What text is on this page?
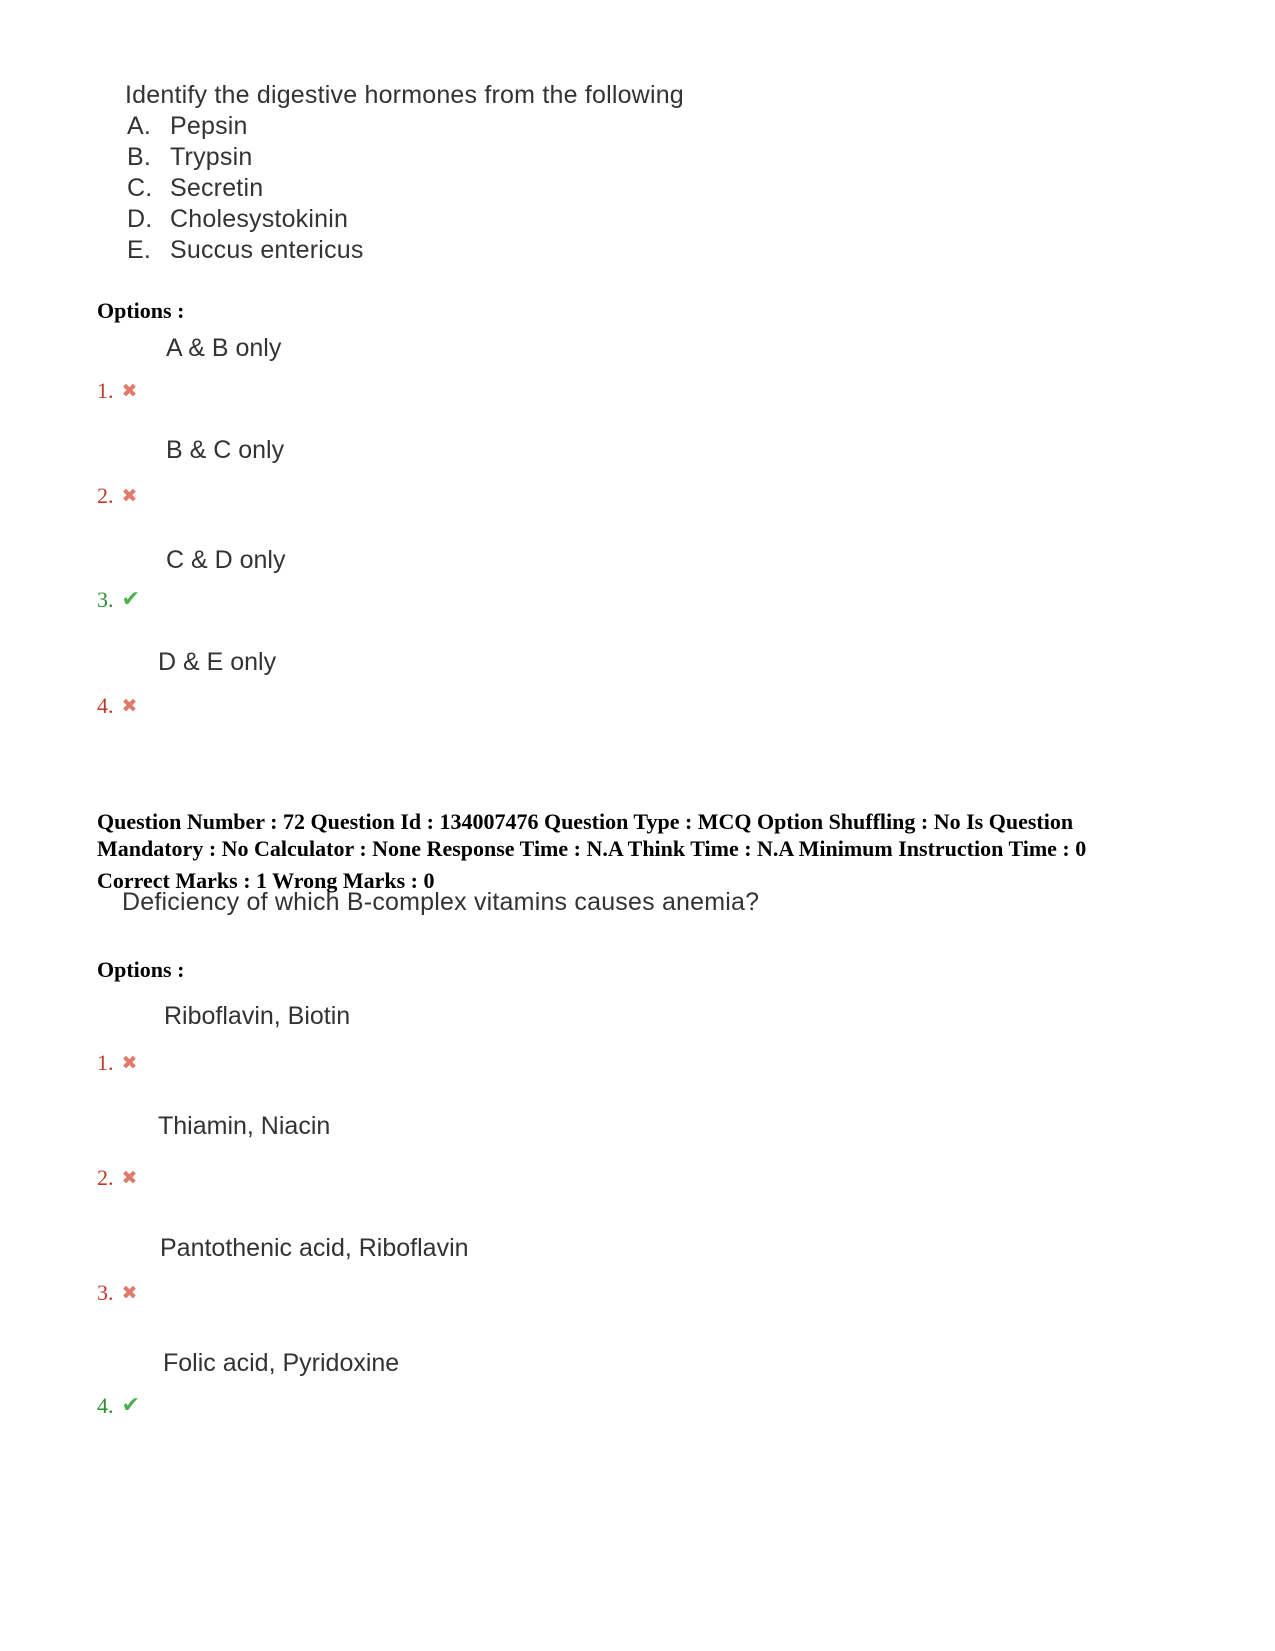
Identify the digestive hormones from the following
A. Pepsin
B. Trypsin
C. Secretin
D. Cholesystokinin
E. Succus entericus
Options :
A & B only
1. ✖
B & C only
2. ✖
C & D only
3. ✔
D & E only
4. ✖
Question Number : 72 Question Id : 134007476 Question Type : MCQ Option Shuffling : No Is Question
Mandatory : No Calculator : None Response Time : N.A Think Time : N.A Minimum Instruction Time : 0
Correct Marks : 1 Wrong Marks : 0
Deficiency of which B-complex vitamins causes anemia?
Options :
Riboflavin, Biotin
1. ✖
Thiamin, Niacin
2. ✖
Pantothenic acid, Riboflavin
3. ✖
Folic acid, Pyridoxine
4. ✔
